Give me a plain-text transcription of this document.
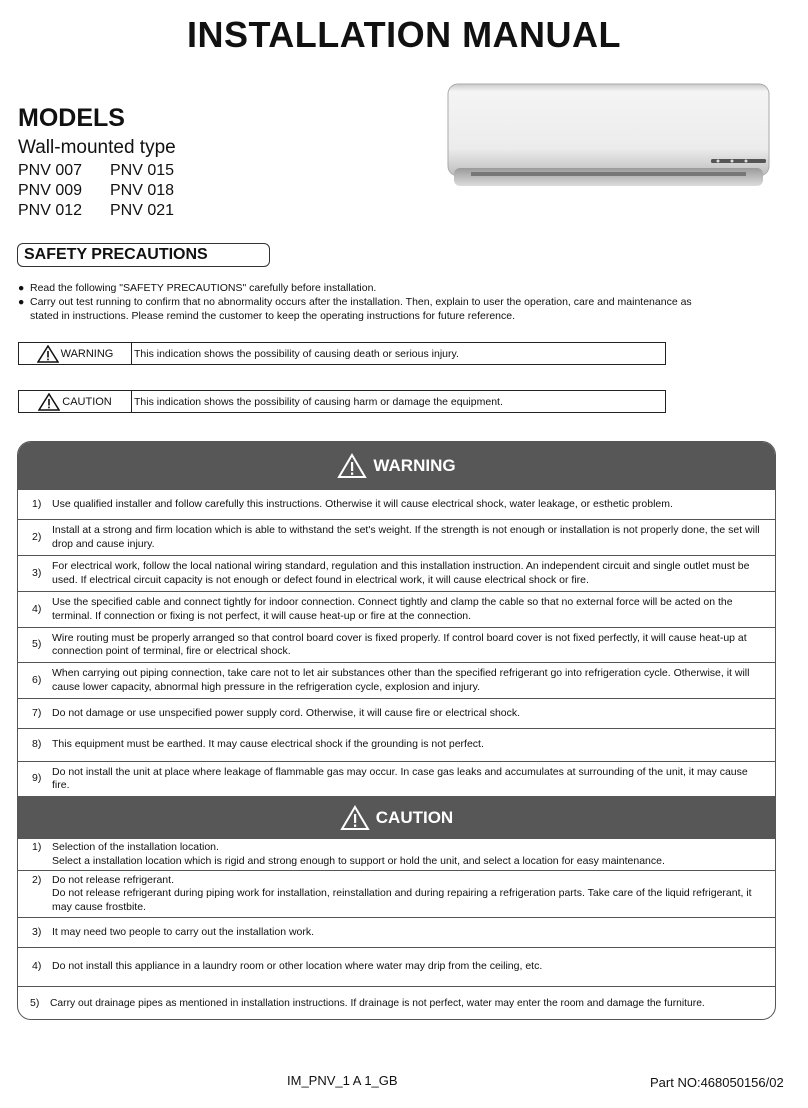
INSTALLATION MANUAL
MODELS
Wall-mounted type
PNV 007 PNV 015
PNV 009 PNV 018
PNV 012 PNV 021
SAFETY PRECAUTIONS
● Read the following "SAFETY PRECAUTIONS" carefully before installation.
● Carry out test running to confirm that no abnormality occurs after the installation. Then, explain to user the operation, care and maintenance as
stated in instructions. Please remind the customer to keep the operating instructions for future reference.
WARNING This indication shows the possibility of causing death or serious injury.
CAUTION This indication shows the possibility of causing harm or damage the equipment.
WARNING
1)	Use qualified installer and follow carefully this instructions. Otherwise it will cause electrical shock, water leakage, or esthetic problem.
2)
Install at a strong and firm location which is able to withstand the set's weight. If the strength is not enough or installation is not properly done, the set will drop and cause injury.
3)
For electrical work, follow the local national wiring standard, regulation and this installation instruction. An independent circuit and single outlet must be used. If electrical circuit capacity is not enough or defect found in electrical work, it will cause electrical shock or fire.
4)
Use the specified cable and connect tightly for indoor connection. Connect tightly and clamp the cable so that no external force will be acted on the terminal. If connection or fixing is not perfect, it will cause heat-up or fire at the connection.
5)
Wire routing must be properly arranged so that control board cover is fixed properly. If control board cover is not fixed perfectly, it will cause heat-up at connection point of terminal, fire or electrical shock.
6)
When carrying out piping connection, take care not to let air substances other than the specified refrigerant go into refrigeration cycle. Otherwise, it will cause lower capacity, abnormal high pressure in the refrigeration cycle, explosion and injury.
7)	Do not damage or use unspecified power supply cord. Otherwise, it will cause fire or electrical shock.
8)	This equipment must be earthed. It may cause electrical shock if the grounding is not perfect.
9)
Do not install the unit at place where leakage of flammable gas may occur. In case gas leaks and accumulates at surrounding of the unit, it may cause fire.
CAUTION
1)	Selection of the installation location.
Select a installation location which is rigid and strong enough to support or hold the unit, and select a location for easy maintenance.
2)	Do not release refrigerant.
Do not release refrigerant during piping work for installation, reinstallation and during repairing a refrigeration parts. Take care of the liquid refrigerant, it may cause frostbite.
3)	It may need two people to carry out the installation work.
4)	Do not install this appliance in a laundry room or other location where water may drip from the ceiling, etc.
5)	Carry out drainage pipes as mentioned in installation instructions. If drainage is not perfect, water may enter the room and damage the furniture.
IM_PNV_1 A 1_GB	Part NO:468050156/02
